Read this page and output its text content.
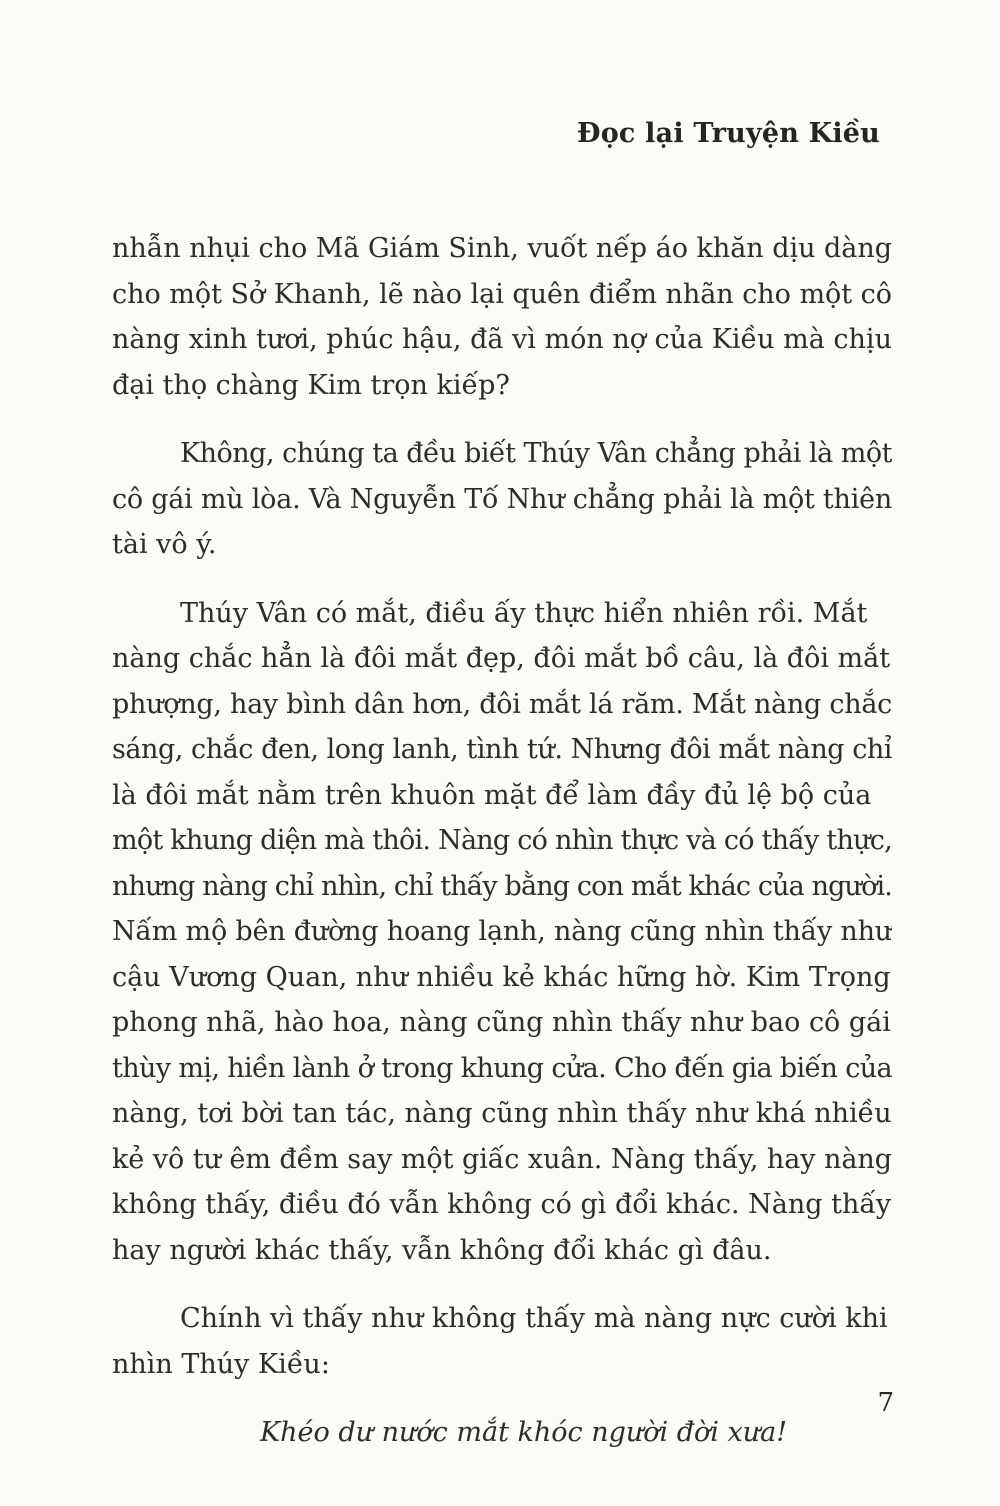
Đọc lại Truyện Kiều

nhẫn nhụi cho Mã Giám Sinh, vuốt nếp áo khăn dịu dàng
cho một Sở Khanh, lẽ nào lại quên điểm nhãn cho một cô
nàng xinh tươi, phúc hậu, đã vì món nợ của Kiều mà chịu
đại thọ chàng Kim trọn kiếp?

Không, chúng ta đều biết Thúy Vân chẳng phải là một
cô gái mù lòa. Và Nguyễn Tố Như chẳng phải là một thiên
tài vô ý.

Thúy Vân có mắt, điều ấy thực hiển nhiên rồi. Mắt
nàng chắc hẳn là đôi mắt đẹp, đôi mắt bồ câu, là đôi mắt
phượng, hay bình dân hơn, đôi mắt lá răm. Mắt nàng chắc
sáng, chắc đen, long lanh, tình tứ. Nhưng đôi mắt nàng chỉ
là đôi mắt nằm trên khuôn mặt để làm đầy đủ lệ bộ của
một khung diện mà thôi. Nàng có nhìn thực và có thấy thực,
nhưng nàng chỉ nhìn, chỉ thấy bằng con mắt khác của người.
Nấm mộ bên đường hoang lạnh, nàng cũng nhìn thấy như
cậu Vương Quan, như nhiều kẻ khác hững hờ. Kim Trọng
phong nhã, hào hoa, nàng cũng nhìn thấy như bao cô gái
thùy mị, hiền lành ở trong khung cửa. Cho đến gia biến của
nàng, tơi bời tan tác, nàng cũng nhìn thấy như khá nhiều
kẻ vô tư êm đềm say một giấc xuân. Nàng thấy, hay nàng
không thấy, điều đó vẫn không có gì đổi khác. Nàng thấy
hay người khác thấy, vẫn không đổi khác gì đâu.

Chính vì thấy như không thấy mà nàng nực cười khi
nhìn Thúy Kiều:

Khéo dư nước mắt khóc người đời xưa!

7
